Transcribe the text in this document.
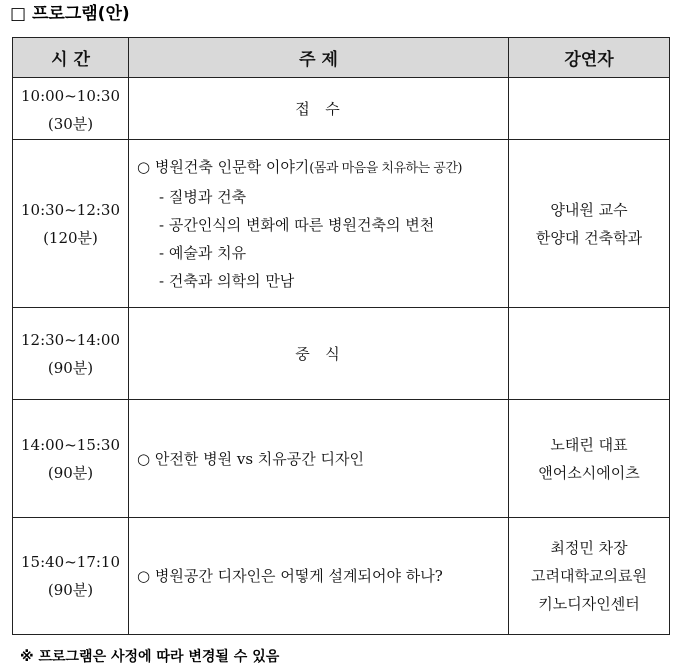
□ 프로그램(안)
시 간	주 제	강연자

10:00~10:30
(30분)	접  수	

10:30~12:30
(120분)	○ 병원건축 인문학 이야기(몸과 마음을 치유하는 공간)
- 질병과 건축
- 공간인식의 변화에 따른 병원건축의 변천
- 예술과 치유
- 건축과 의학의 만남	양내원 교수
한양대 건축학과

12:30~14:00
(90분)	중  식	

14:00~15:30
(90분)	○ 안전한 병원 vs 치유공간 디자인	노태린 대표
앤어소시에이츠

15:40~17:10
(90분)	○ 병원공간 디자인은 어떻게 설계되어야 하나?	최정민 차장
고려대학교의료원
키노디자인센터
※ 프로그램은 사정에 따라 변경될 수 있음
